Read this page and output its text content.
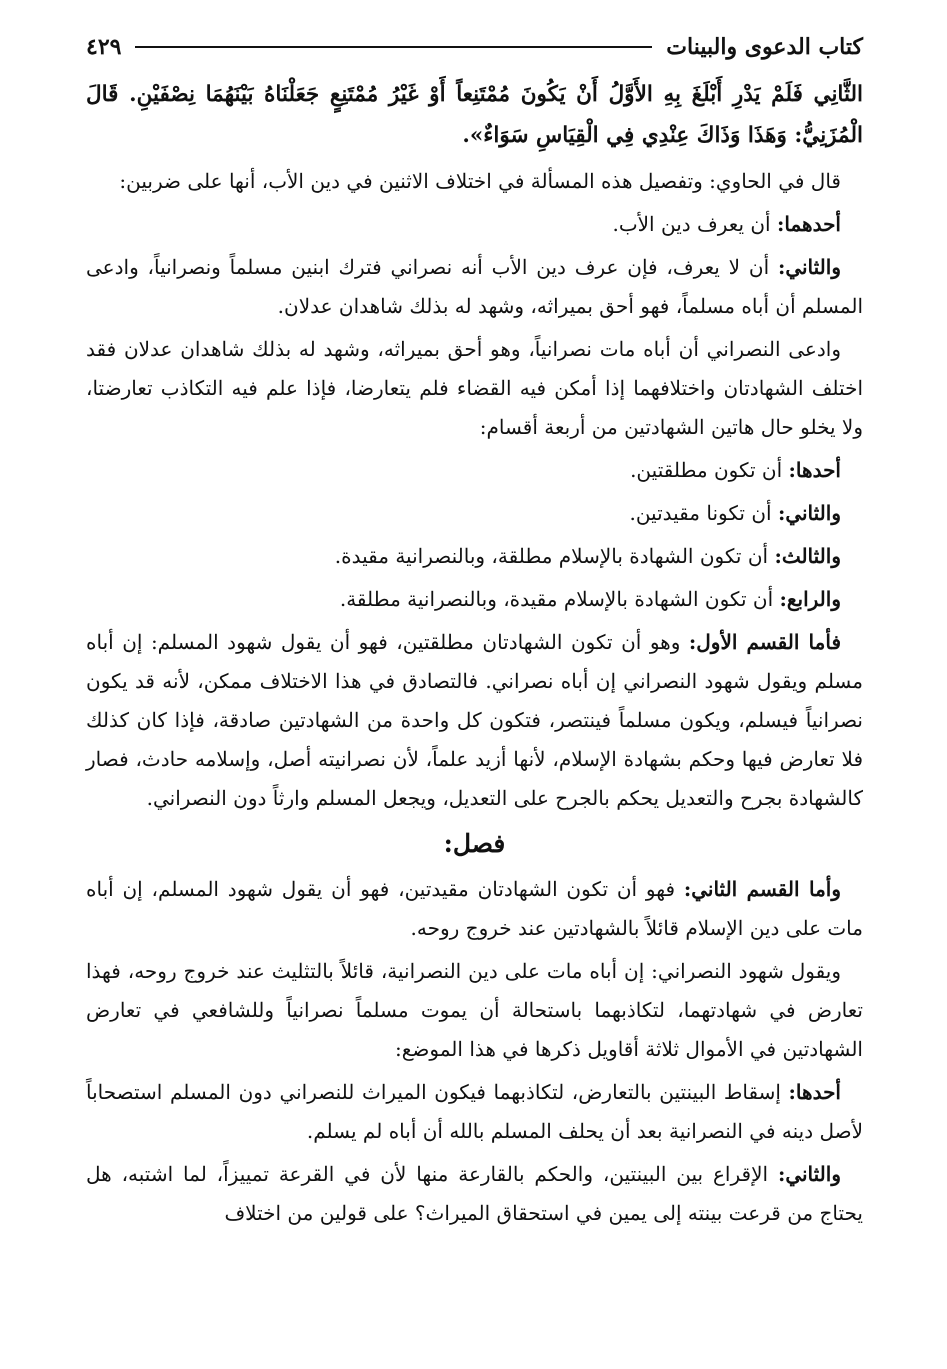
كتاب الدعوى والبينات
٤٢٩
الثَّانِي فَلَمْ يَدْرِ أَبْلَغَ بِهِ الأَوَّلُ أَنْ يَكُونَ مُمْتَنِعاً أَوْ غَيْرُ مُمْتَنِعٍ جَعَلْنَاهُ بَيْنَهُمَا نِصْفَيْنِ. قَالَ الْمُزَنِيُّ: وَهَذَا وَذَاكَ عِنْدِي فِي الْقِيَاسِ سَوَاءٌ».

قال في الحاوي: وتفصيل هذه المسألة في اختلاف الاثنين في دين الأب، أنها على ضربين:

أحدهما: أن يعرف دين الأب.

والثاني: أن لا يعرف، فإن عرف دين الأب أنه نصراني فترك ابنين مسلماً ونصرانياً، وادعى المسلم أن أباه مسلماً، فهو أحق بميراثه، وشهد له بذلك شاهدان عدلان.

وادعى النصراني أن أباه مات نصرانياً، وهو أحق بميراثه، وشهد له بذلك شاهدان عدلان فقد اختلف الشهادتان واختلافهما إذا أمكن فيه القضاء فلم يتعارضا، فإذا علم فيه التكاذب تعارضتا، ولا يخلو حال هاتين الشهادتين من أربعة أقسام:

أحدها: أن تكون مطلقتين.

والثاني: أن تكونا مقيدتين.

والثالث: أن تكون الشهادة بالإسلام مطلقة، وبالنصرانية مقيدة.

والرابع: أن تكون الشهادة بالإسلام مقيدة، وبالنصرانية مطلقة.

فأما القسم الأول: وهو أن تكون الشهادتان مطلقتين، فهو أن يقول شهود المسلم: إن أباه مسلم ويقول شهود النصراني إن أباه نصراني. فالتصادق في هذا الاختلاف ممكن، لأنه قد يكون نصرانياً فيسلم، ويكون مسلماً فينتصر، فتكون كل واحدة من الشهادتين صادقة، فإذا كان كذلك فلا تعارض فيها وحكم بشهادة الإسلام، لأنها أزيد علماً، لأن نصرانيته أصل، وإسلامه حادث، فصار كالشهادة بجرح والتعديل يحكم بالجرح على التعديل، ويجعل المسلم وارثاً دون النصراني.

فصل:

وأما القسم الثاني: فهو أن تكون الشهادتان مقيدتين، فهو أن يقول شهود المسلم، إن أباه مات على دين الإسلام قائلاً بالشهادتين عند خروج روحه.

ويقول شهود النصراني: إن أباه مات على دين النصرانية، قائلاً بالتثليث عند خروج روحه، فهذا تعارض في شهادتهما، لتكاذبهما باستحالة أن يموت مسلماً نصرانياً وللشافعي في تعارض الشهادتين في الأموال ثلاثة أقاويل ذكرها في هذا الموضع:

أحدها: إسقاط البينتين بالتعارض، لتكاذبهما فيكون الميراث للنصراني دون المسلم استصحاباً لأصل دينه في النصرانية بعد أن يحلف المسلم بالله أن أباه لم يسلم.

والثاني: الإقراع بين البينتين، والحكم بالقارعة منها لأن في القرعة تمييزاً، لما اشتبه، هل يحتاج من قرعت بينته إلى يمين في استحقاق الميراث؟ على قولين من اختلاف
